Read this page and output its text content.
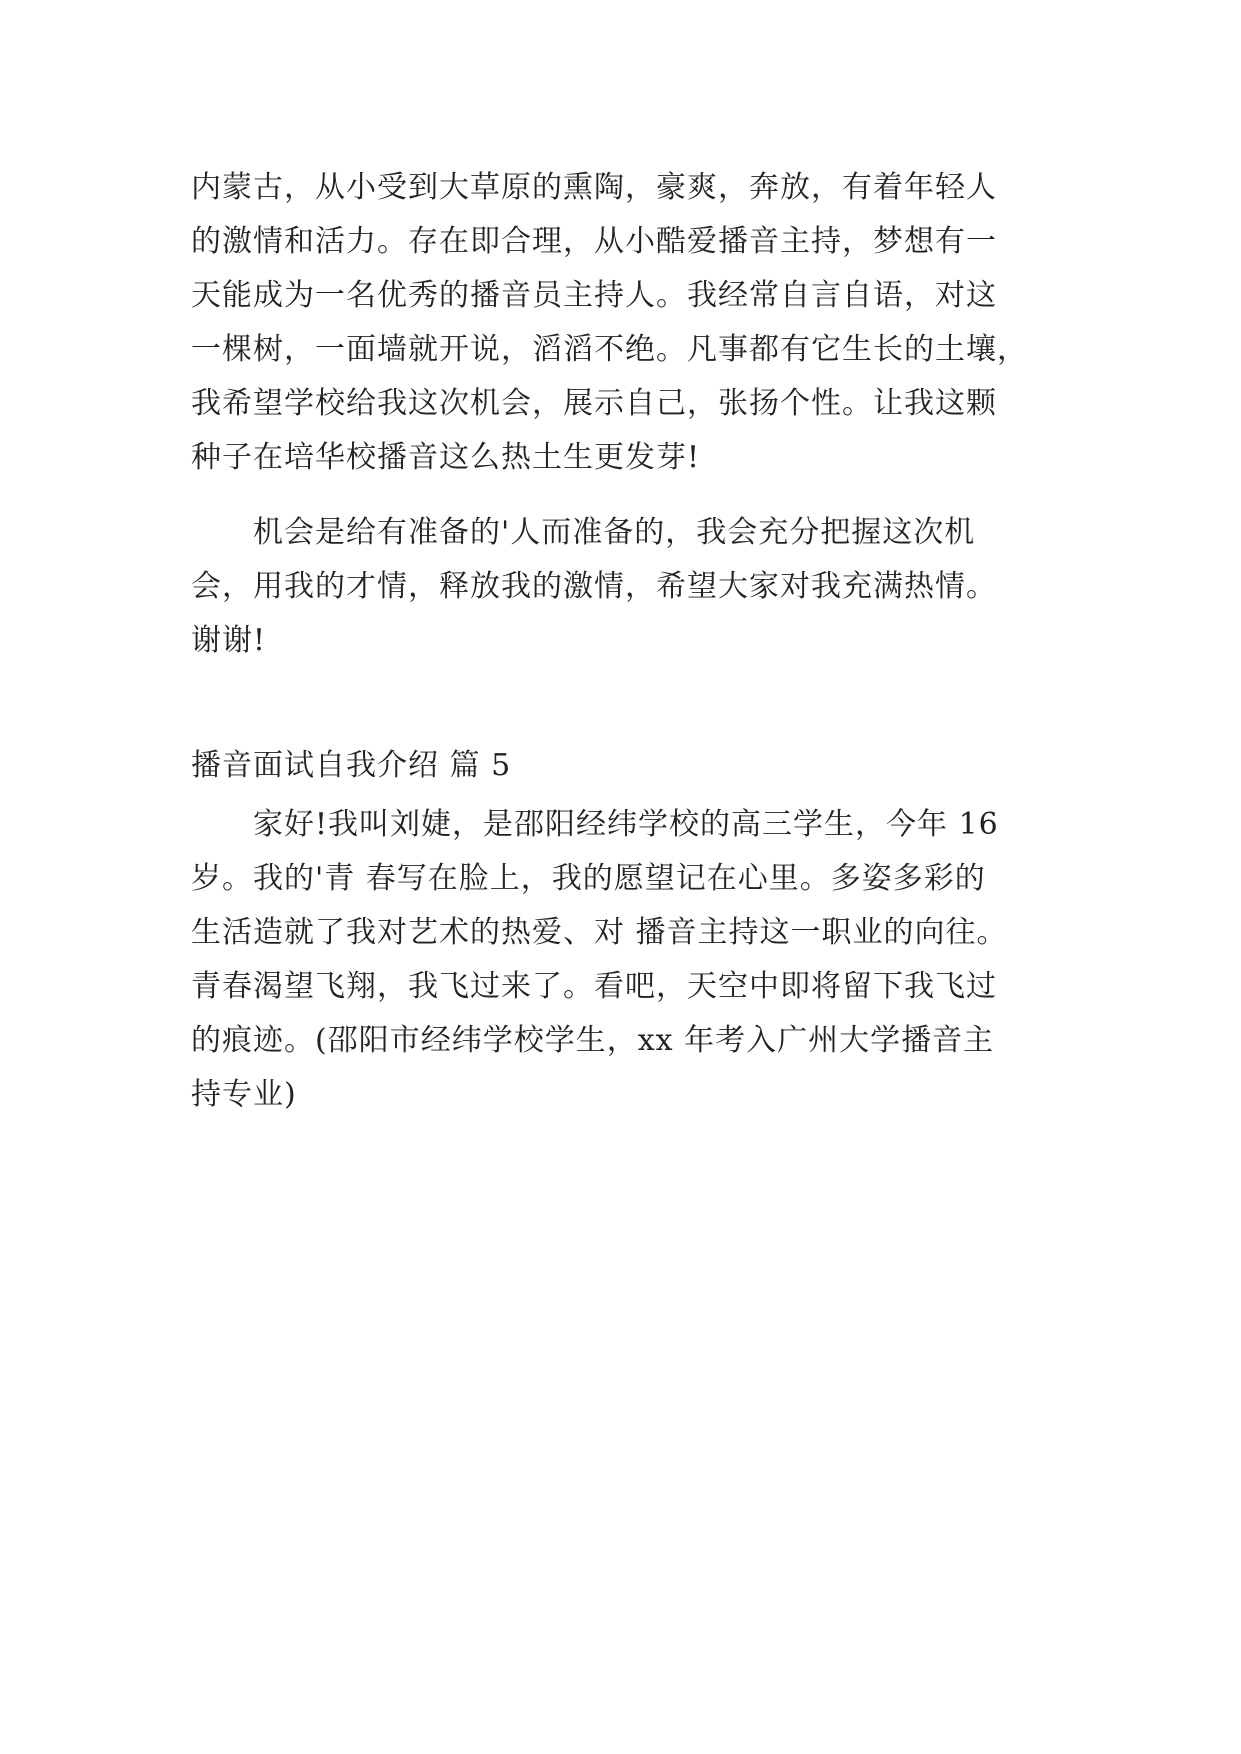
内蒙古，从小受到大草原的熏陶，豪爽，奔放，有着年轻人
的激情和活力。存在即合理，从小酷爱播音主持，梦想有一
天能成为一名优秀的播音员主持人。我经常自言自语，对这
一棵树，一面墙就开说，滔滔不绝。凡事都有它生长的土壤，
我希望学校给我这次机会，展示自己，张扬个性。让我这颗
种子在培华校播音这么热土生更发芽!
机会是给有准备的'人而准备的，我会充分把握这次机
会，用我的才情，释放我的激情，希望大家对我充满热情。
谢谢!
播音面试自我介绍 篇 5
家好!我叫刘婕，是邵阳经纬学校的高三学生，今年 16
岁。我的'青 春写在脸上，我的愿望记在心里。多姿多彩的
生活造就了我对艺术的热爱、对 播音主持这一职业的向往。
青春渴望飞翔，我飞过来了。看吧，天空中即将留下我飞过
的痕迹。(邵阳市经纬学校学生，xx 年考入广州大学播音主
持专业)
